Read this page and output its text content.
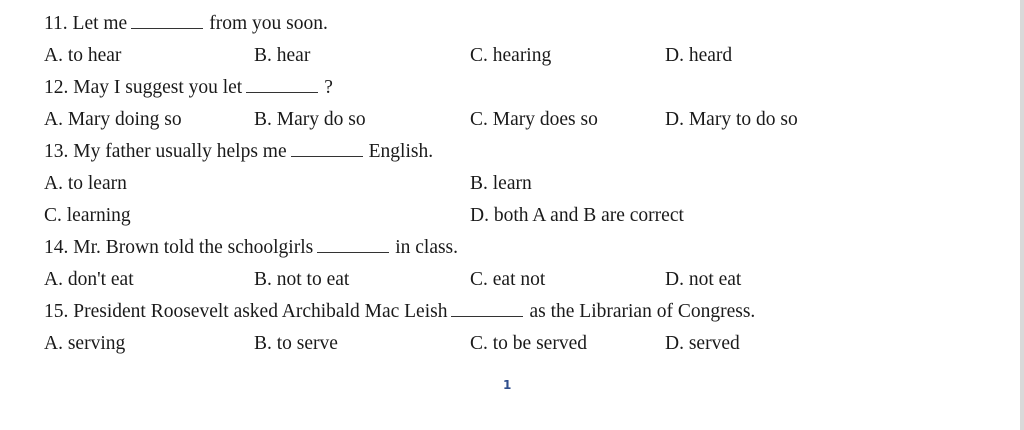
11. Let me	from you soon.
A. to hear	B. hear	C. hearing	D. heard
12. May I suggest you let	?
A. Mary doing so	B. Mary do so	C. Mary does so	D. Mary to do so
13. My father usually helps me	English.
A. to learn	B. learn
C. learning	D. both A and B are correct
14. Mr. Brown told the schoolgirls	in class.
A. don't eat	B. not to eat	C. eat not	D. not eat
15. President Roosevelt asked Archibald Mac Leish	as the Librarian of Congress.
A. serving	B. to serve	C. to be served	D. served
1
